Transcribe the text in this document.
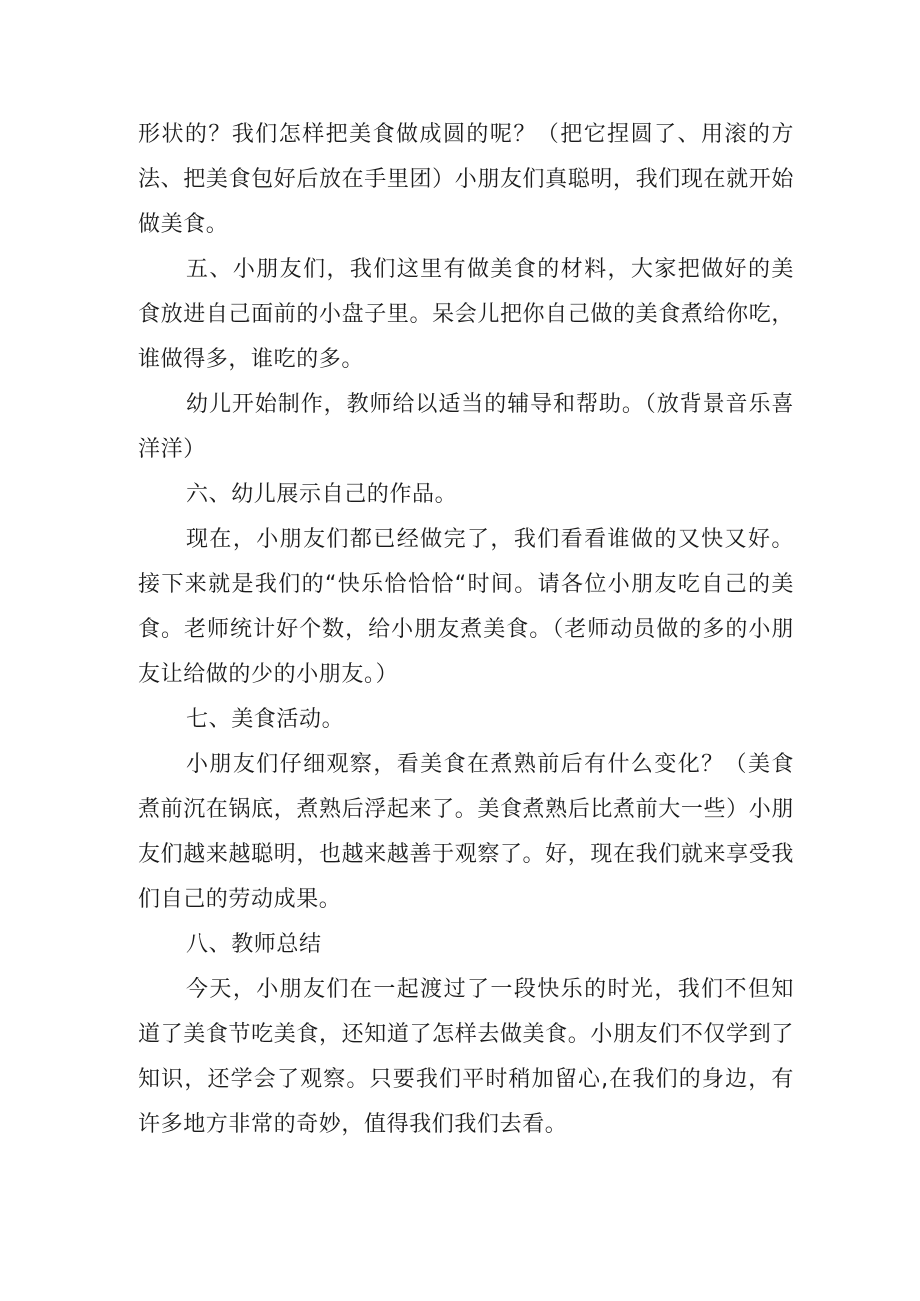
形状的？我们怎样把美食做成圆的呢？（把它捏圆了、用滚的方法、把美食包好后放在手里团）小朋友们真聪明，我们现在就开始做美食。

五、小朋友们，我们这里有做美食的材料，大家把做好的美食放进自己面前的小盘子里。呆会儿把你自己做的美食煮给你吃，谁做得多，谁吃的多。

幼儿开始制作，教师给以适当的辅导和帮助。（放背景音乐喜洋洋）

六、幼儿展示自己的作品。

现在，小朋友们都已经做完了，我们看看谁做的又快又好。接下来就是我们的“快乐恰恰恰“时间。请各位小朋友吃自己的美食。老师统计好个数，给小朋友煮美食。（老师动员做的多的小朋友让给做的少的小朋友。）

七、美食活动。

小朋友们仔细观察，看美食在煮熟前后有什么变化？（美食煮前沉在锅底，煮熟后浮起来了。美食煮熟后比煮前大一些）小朋友们越来越聪明，也越来越善于观察了。好，现在我们就来享受我们自己的劳动成果。

八、教师总结

今天，小朋友们在一起渡过了一段快乐的时光，我们不但知道了美食节吃美食，还知道了怎样去做美食。小朋友们不仅学到了知识，还学会了观察。只要我们平时稍加留心,在我们的身边，有许多地方非常的奇妙，值得我们我们去看。
